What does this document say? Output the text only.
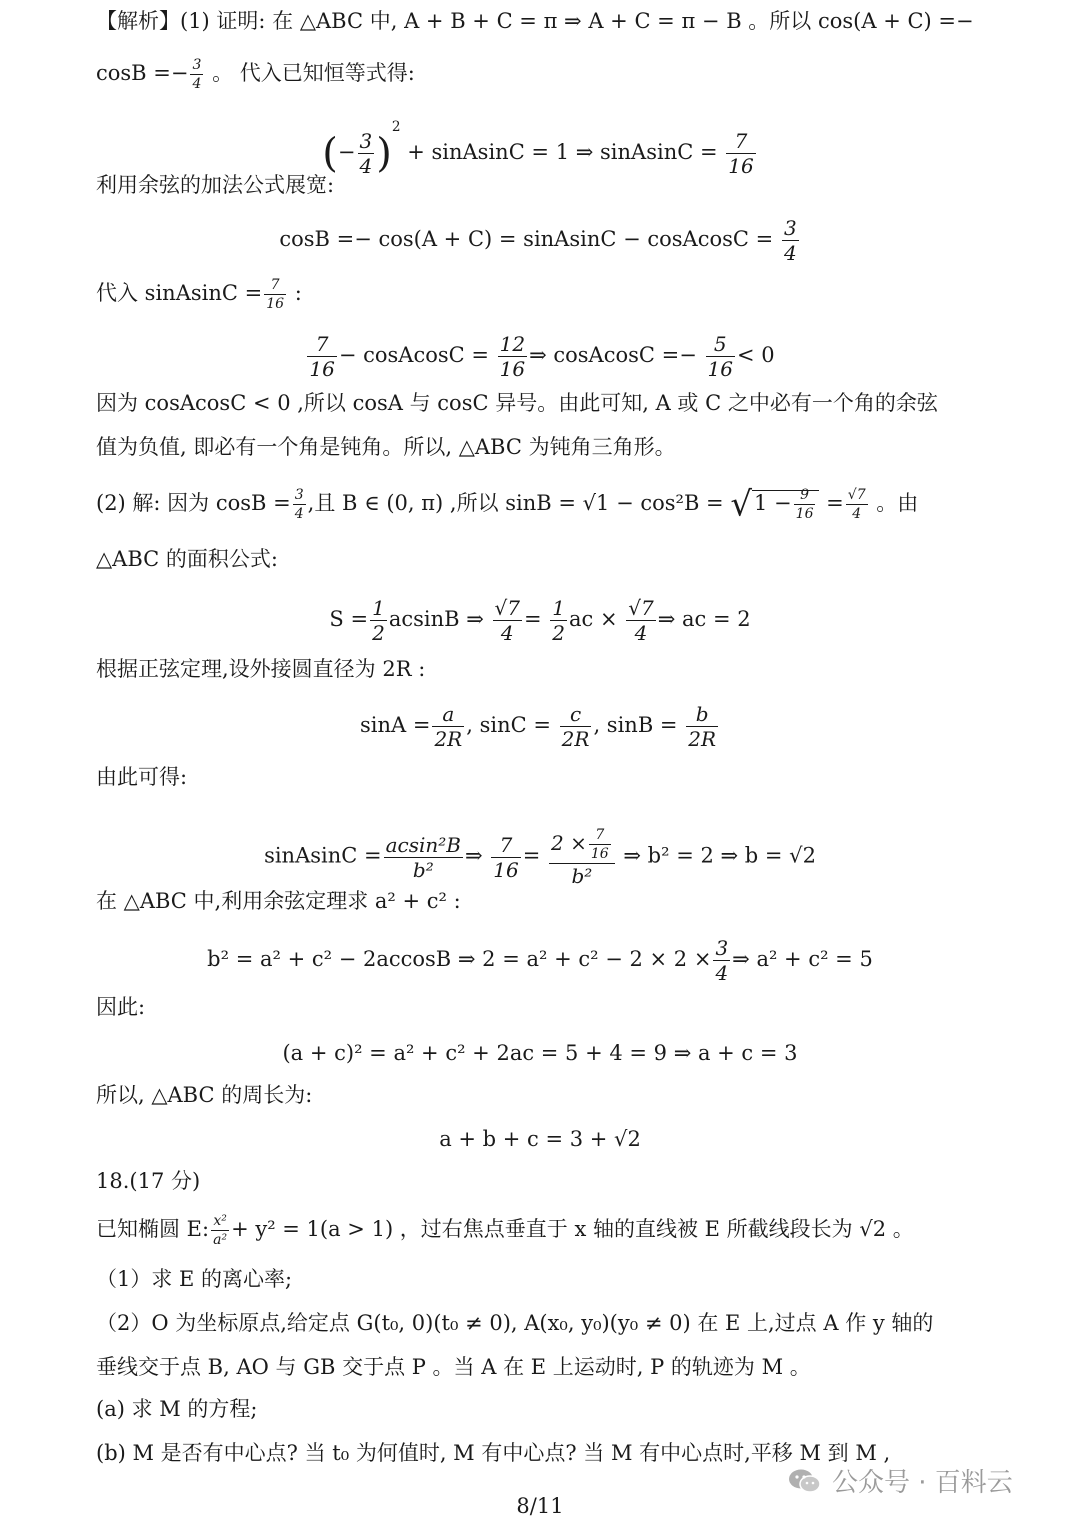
【解析】(1) 证明: 在 △ABC 中, A + B + C = π ⇒ A + C = π − B 。所以 cos(A + C) =−
$\cos B =- \frac{3}{4}$ 。 代入已知恒等式得:
(− $\frac{3}{4} )^2$ + sinAsinC = 1 ⇒ sinAsinC = $\frac{7}{16}$
利用余弦的加法公式展宽:
cosB =− cos(A + C) = sinAsinC − cosAcosC = $\frac{3}{4}$
代入 sinAsinC = $\frac{7}{16}$ :
$\frac{7}{16}$ − cosAcosC = $\frac{12}{16}$ ⇒ cosAcosC =− $\frac{5}{16} < 0$
因为 cosAcosC < 0 ,所以 cosA 与 cosC 异号。由此可知, A 或 C 之中必有一个角的余弦
值为负值, 即必有一个角是钝角。所以, △ABC 为钝角三角形。
(2) 解: 因为 $\cos B = \frac{3}{4}$ ,且 B ∈ (0, π) ,所以 $\sin B = √1 - \cos^2B = √1 - \frac{9}{16} = \frac{√7}{4}$ 。由
△ABC 的面积公式:
$S = \frac{1}{2}$ acsinB ⇒ $\frac{√7}{4} = \frac{1}{2}$ ac × $\frac{√7}{4}$ ⇒ ac = 2
根据正弦定理,设外接圆直径为 2R :
$\sin A = \frac{a}{2R}$ , $\sin C = \frac{c}{2R}$ , $\sin B = \frac{b}{2R}$
由此可得:
sinAsinC = $\frac{\text{acsin²B}}{\text{b²}}$ ⇒ $\frac{7}{16} = \frac{2 \times \frac{7}{16}}{\text{b²}}$ ⇒ b² = 2 ⇒ b = √2
在 △ABC 中,利用余弦定理求 a² + c² :
b² = a² + c² − 2accosB ⇒ $2 = a^2 + c^2 - 2 \times 2 \times \frac{3}{4}$ ⇒ a² + c² = 5
因此:
(a + c)² = a² + c² + 2ac = 5 + 4 = 9 ⇒ a + c = 3
所以, △ABC 的周长为:
a + b + c = 3 + √2
18.(17 分)
已知椭圆 E: $\frac{\text{x²}}{\text{a²}} + y^2 = 1(a > 1)$ ，过右焦点垂直于 x 轴的直线被 E 所截线段长为 √2 。
（1）求 E 的离心率;
（2）O 为坐标原点,给定点 G(t₀, 0)(t₀ ≠ 0), A(x₀, y₀)(y₀ ≠ 0) 在 E 上,过点 A 作 y 轴的
垂线交于点 B, AO 与 GB 交于点 P 。当 A 在 E 上运动时, P 的轨迹为 M 。
(a) 求 M 的方程;
(b) M 是否有中心点? 当 t₀ 为何值时, M 有中心点? 当 M 有中心点时,平移 M 到 M ,
公众号 · 百料云
8/11
